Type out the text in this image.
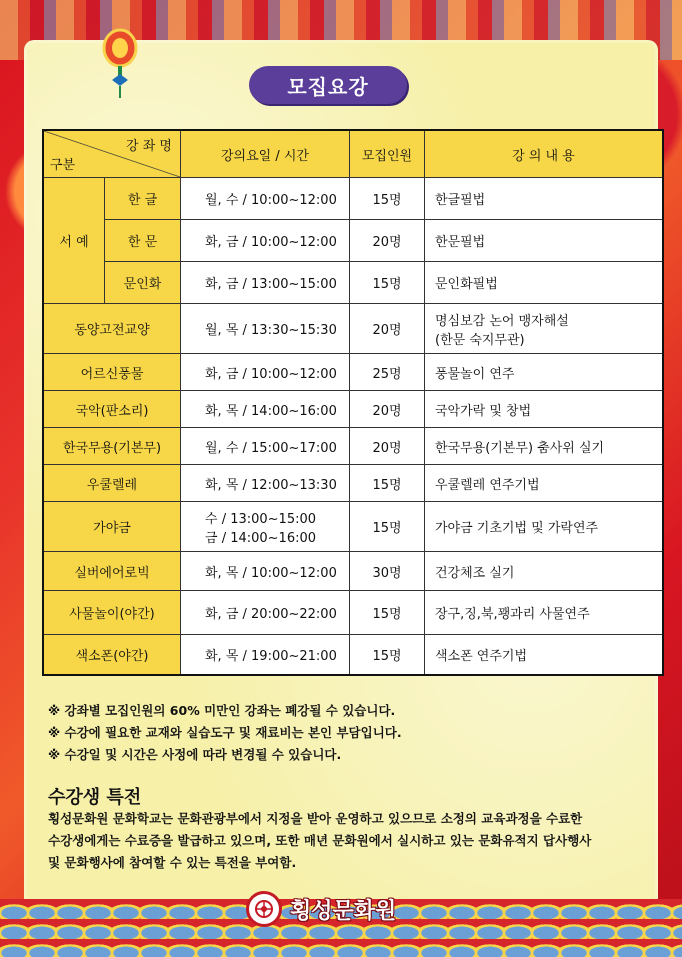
모집요강
강 좌 명
구분		강의요일 / 시간	모집인원	강 의 내 용
서 예	한 글	월, 수 / 10:00~12:00	15명	한글필법
	한 문	화, 금 / 10:00~12:00	20명	한문필법
	문인화	화, 금 / 13:00~15:00	15명	문인화필법
동양고전교양		월, 목 / 13:30~15:30	20명	명심보감 논어 맹자해설
(한문 숙지무관)

어르신풍물		화, 금 / 10:00~12:00	25명	풍물놀이 연주
국악(판소리)		화, 목 / 14:00~16:00	20명	국악가락 및 창법
한국무용(기본무)		월, 수 / 15:00~17:00	20명	한국무용(기본무) 춤사위 실기
우쿨렐레		화, 목 / 12:00~13:30	15명	우쿨렐레 연주기법
가야금		수 / 13:00~15:00
금 / 14:00~16:00	15명	가야금 기초기법 및 가락연주
실버에어로빅		화, 목 / 10:00~12:00	30명	건강체조 실기
사물놀이(야간)		화, 금 / 20:00~22:00	15명	장구,징,북,꽹과리 사물연주
색소폰(야간)		화, 목 / 19:00~21:00	15명	색소폰 연주기법
※ 강좌별 모집인원의 60% 미만인 강좌는 폐강될 수 있습니다.
※ 수강에 필요한 교재와 실습도구 및 재료비는 본인 부담입니다.
※ 수강일 및 시간은 사정에 따라 변경될 수 있습니다.
수강생 특전
횡성문화원 문화학교는 문화관광부에서 지정을 받아 운영하고 있으므로 소정의 교육과정을 수료한
수강생에게는 수료증을 발급하고 있으며, 또한 매년 문화원에서 실시하고 있는 문화유적지 답사행사
및 문화행사에 참여할 수 있는 특전을 부여함.
횡성문화원
